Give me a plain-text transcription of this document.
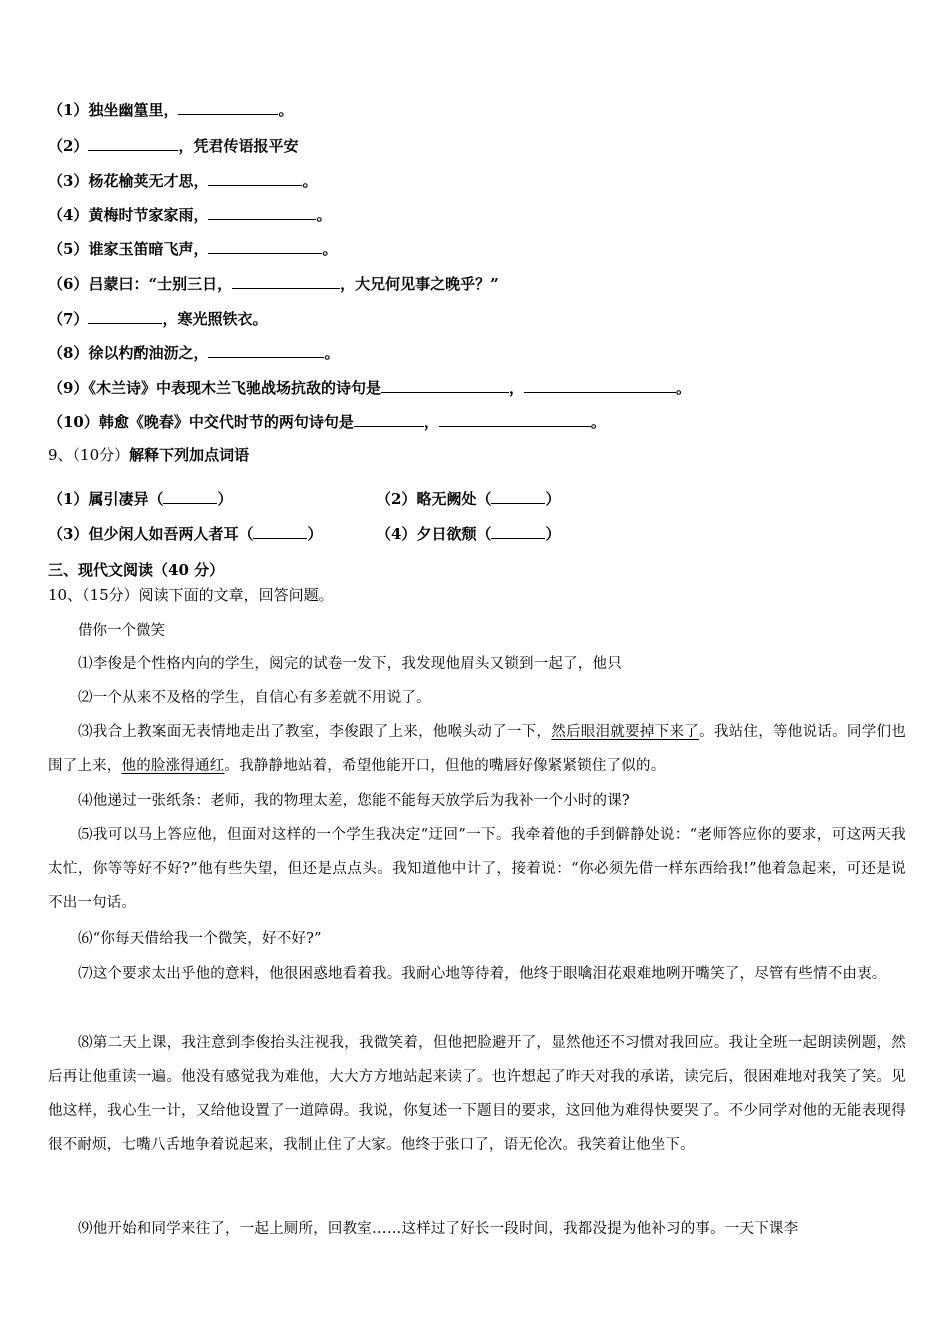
（1）独坐幽篁里，	。
（2）	，凭君传语报平安
（3）杨花榆荚无才思，	。
（4）黄梅时节家家雨，	。
（5）谁家玉笛暗飞声，	。
（6）吕蒙曰：“士别三日，	，大兄何见事之晚乎？”
（7）	，寒光照铁衣。
（8）徐以杓酌油沥之，	。
（9）《木兰诗》中表现木兰飞驰战场抗敌的诗句是	，	。
（10）韩愈《晚春》中交代时节的两句诗句是	，	。
9、（10分）解释下列加点词语
（1）属引凄异（	）	（2）略无阙处（	）
（3）但少闲人如吾两人者耳（	）	（4）夕日欲颓（	）
三、现代文阅读（40 分）
10、（15分）阅读下面的文章，回答问题。
借你一个微笑
⑴李俊是个性格内向的学生，阅完的试卷一发下，我发现他眉头又锁到一起了，他只
⑵一个从来不及格的学生，自信心有多差就不用说了。
⑶我合上教案面无表情地走出了教室，李俊跟了上来，他喉头动了一下，然后眼泪就要掉下来了。我站住，等他说话。同学们也围了上来，他的脸涨得通红。我静静地站着，希望他能开口，但他的嘴唇好像紧紧锁住了似的。
⑷他递过一张纸条：老师，我的物理太差，您能不能每天放学后为我补一个小时的课?
⑸我可以马上答应他，但面对这样的一个学生我决定“迂回”一下。我牵着他的手到僻静处说：“老师答应你的要求，可这两天我太忙，你等等好不好?”他有些失望，但还是点点头。我知道他中计了，接着说：“你必须先借一样东西给我!”他着急起来，可还是说不出一句话。
⑹“你每天借给我一个微笑，好不好?”
⑺这个要求太出乎他的意料，他很困惑地看着我。我耐心地等待着，他终于眼噙泪花艰难地咧开嘴笑了，尽管有些情不由衷。
⑻第二天上课，我注意到李俊抬头注视我，我微笑着，但他把脸避开了，显然他还不习惯对我回应。我让全班一起朗读例题，然后再让他重读一遍。他没有感觉我为难他，大大方方地站起来读了。也许想起了昨天对我的承诺，读完后，很困难地对我笑了笑。见他这样，我心生一计，又给他设置了一道障碍。我说，你复述一下题目的要求，这回他为难得快要哭了。不少同学对他的无能表现得很不耐烦，七嘴八舌地争着说起来，我制止住了大家。他终于张口了，语无伦次。我笑着让他坐下。
⑼他开始和同学来往了，一起上厕所，回教室……这样过了好长一段时间，我都没提为他补习的事。一天下课李
